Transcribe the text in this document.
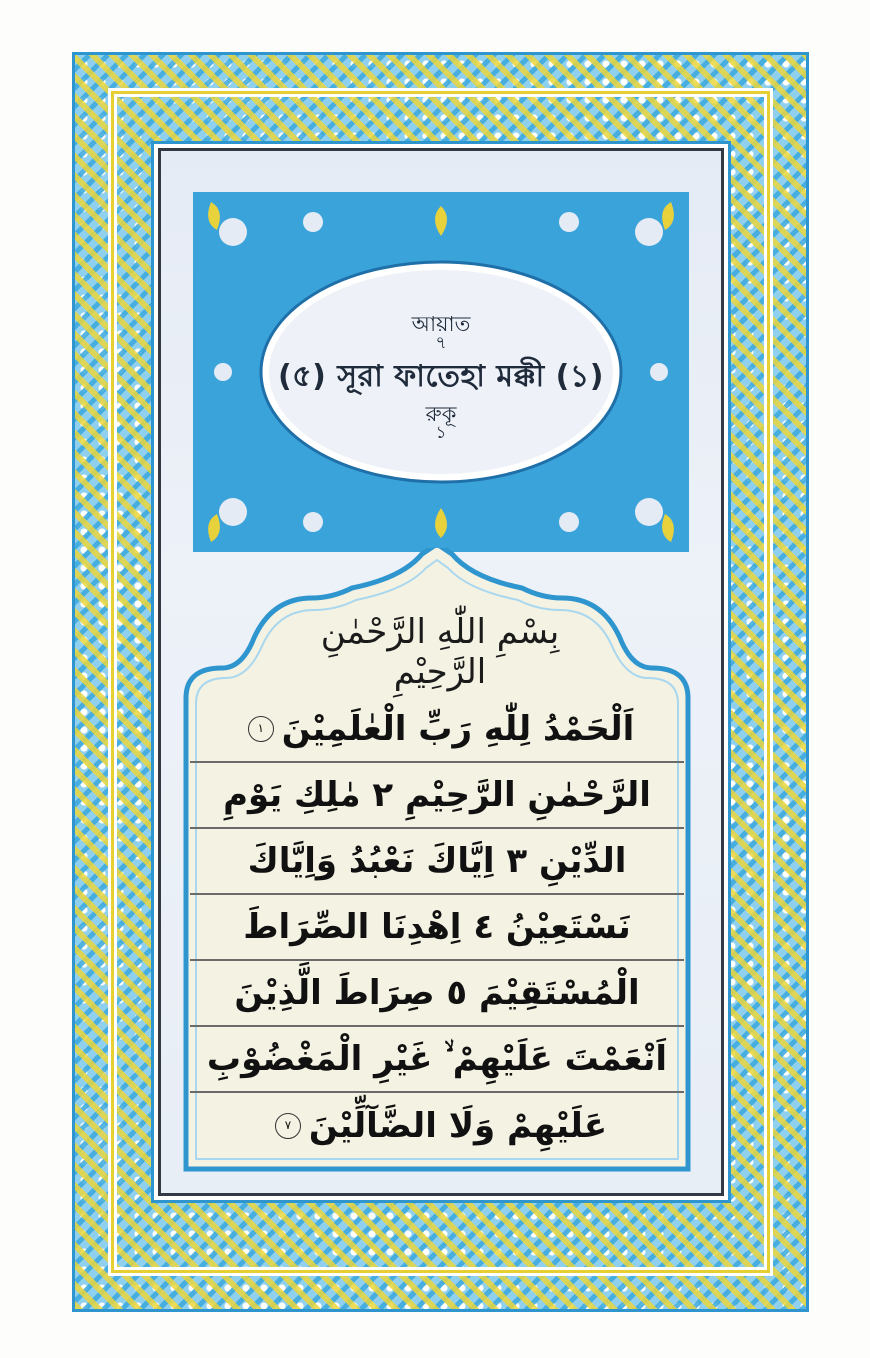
আয়াত
৭
(৫) সূরা ফাতেহা মক্কী (১)
রুকূ
১
بِسْمِ اللّٰهِ الرَّحْمٰنِ الرَّحِيْمِ
اَلْحَمْدُ لِلّٰهِ رَبِّ الْعٰلَمِيْنَ
١
الرَّحْمٰنِ الرَّحِيْمِ ٢ مٰلِكِ يَوْمِ
الدِّيْنِ ٣ اِيَّاكَ نَعْبُدُ وَاِيَّاكَ
نَسْتَعِيْنُ ٤ اِهْدِنَا الصِّرَاطَ
الْمُسْتَقِيْمَ ٥ صِرَاطَ الَّذِيْنَ
اَنْعَمْتَ عَلَيْهِمْ ۙ غَيْرِ الْمَغْضُوْبِ
عَلَيْهِمْ وَلَا الضَّآلِّيْنَ
٧
